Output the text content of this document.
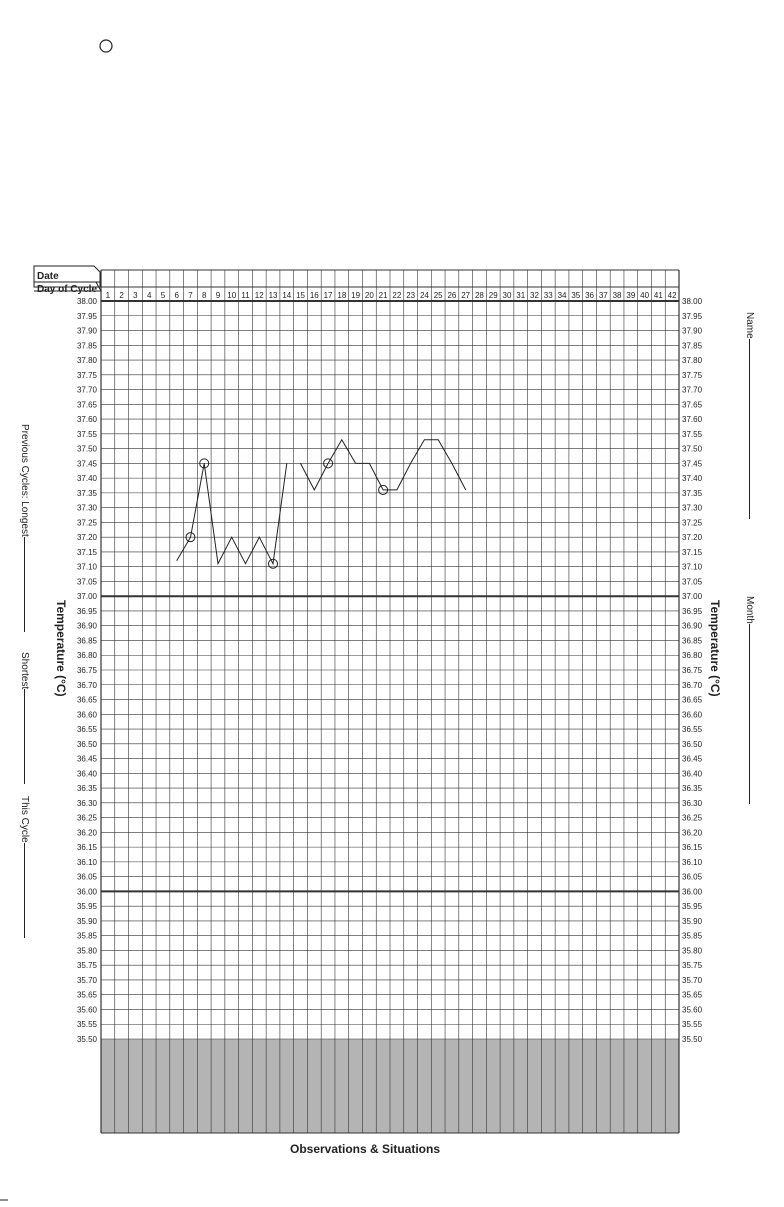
Date
Day of Cycle
1 2 3 4 5 6 7 8 9 10 11 12 13 14 15 16 17 18 19 20 21 22 23 24 25 26 27 28 29 30 31 32 33 34 35 36 37 38 39 40 41 42
38.00
37.95
37.90
37.85
37.80
37.75
37.70
37.65
37.60
37.55
37.50
37.45
37.40
37.35
37.30
37.25
37.20
37.15
37.10
37.05
37.00
36.95
36.90
36.85
36.80
36.75
36.70
36.65
36.60
36.55
36.50
36.45
36.40
36.35
36.30
36.25
36.20
36.15
36.10
36.05
36.00
35.95
35.90
35.85
35.80
35.75
35.70
35.65
35.60
35.55
35.50
38.00
37.95
37.90
37.85
37.80
37.75
37.70
37.65
37.60
37.55
37.50
37.45
37.40
37.35
37.30
37.25
37.20
37.15
37.10
37.05
37.00
36.95
36.90
36.85
36.80
36.75
36.70
36.65
36.60
36.55
36.50
36.45
36.40
36.35
36.30
36.25
36.20
36.15
36.10
36.05
36.00
35.95
35.90
35.85
35.80
35.75
35.70
35.65
35.60
35.55
35.50
Temperature (°C)	Temperature (°C)
Observations & Situations
Previous Cycles: Longest
Shortest
This Cycle
Name
Month
